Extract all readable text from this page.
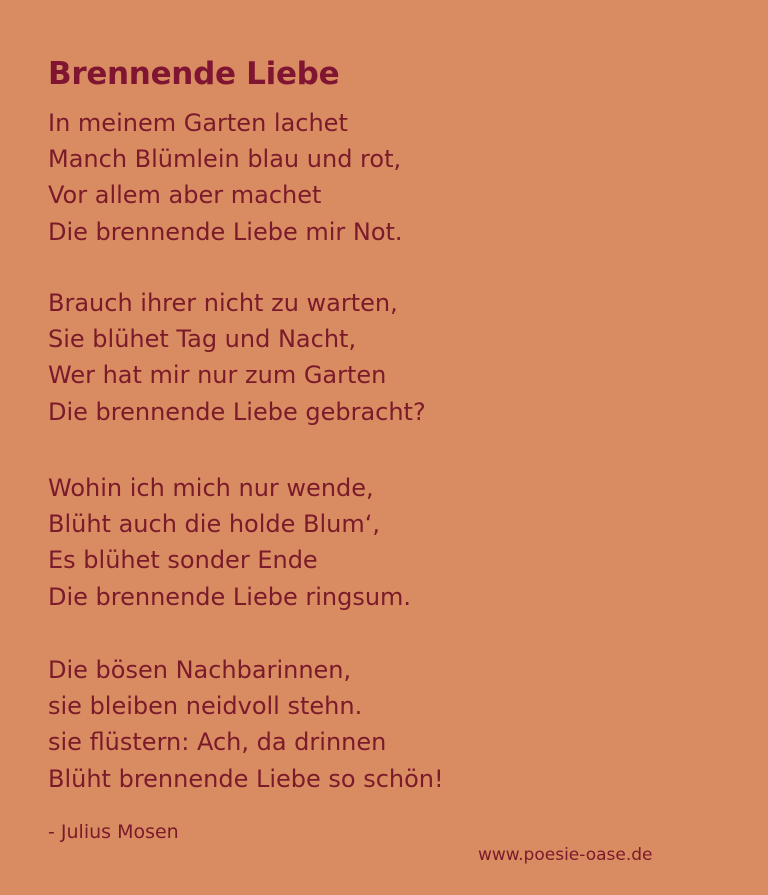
Brennende Liebe

In meinem Garten lachet
Manch Blümlein blau und rot,
Vor allem aber machet
Die brennende Liebe mir Not.

Brauch ihrer nicht zu warten,
Sie blühet Tag und Nacht,
Wer hat mir nur zum Garten
Die brennende Liebe gebracht?

Wohin ich mich nur wende,
Blüht auch die holde Blum‘,
Es blühet sonder Ende
Die brennende Liebe ringsum.

Die bösen Nachbarinnen,
sie bleiben neidvoll stehn.
sie flüstern: Ach, da drinnen
Blüht brennende Liebe so schön!

- Julius Mosen
www.poesie-oase.de
